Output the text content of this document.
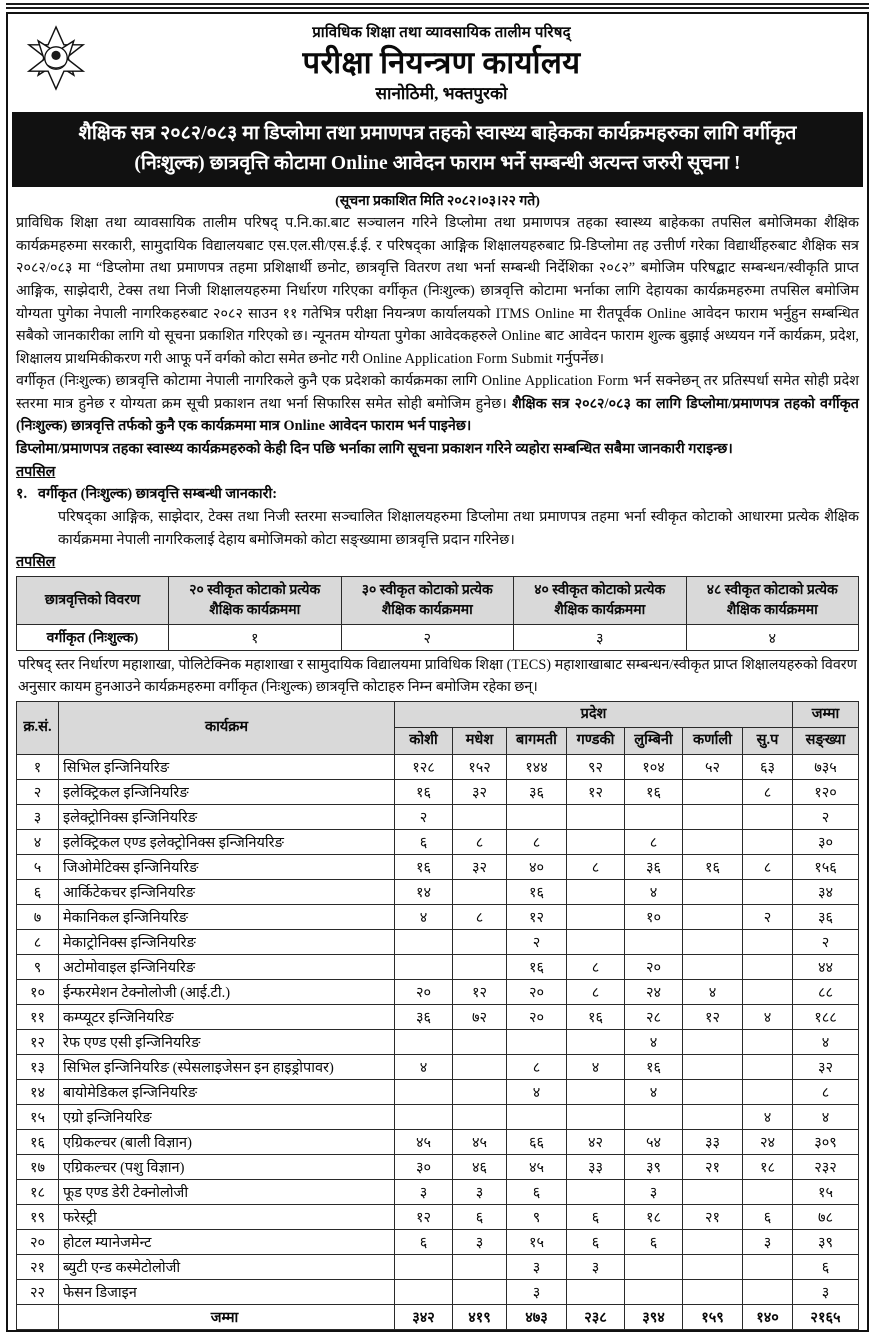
प्राविधिक शिक्षा तथा व्यावसायिक तालीम परिषद्
परीक्षा नियन्त्रण कार्यालय
सानोठिमी, भक्तपुरको
शैक्षिक सत्र २०८२/०८३ मा डिप्लोमा तथा प्रमाणपत्र तहको स्वास्थ्य बाहेकका कार्यक्रमहरुका लागि वर्गीकृत
(निःशुल्क) छात्रवृत्ति कोटामा Online आवेदन फाराम भर्ने सम्बन्धी अत्यन्त जरुरी सूचना !
(सूचना प्रकाशित मिति २०८२।०३।२२ गते)

प्राविधिक शिक्षा तथा व्यावसायिक तालीम परिषद् प.नि.का.बाट सञ्चालन गरिने डिप्लोमा तथा प्रमाणपत्र तहका स्वास्थ्य बाहेकका तपसिल बमोजिमका शैक्षिक कार्यक्रमहरुमा सरकारी, सामुदायिक विद्यालयबाट एस.एल.सी/एस.ई.ई. र परिषद्का आङ्गिक शिक्षालयहरुबाट प्रि-डिप्लोमा तह उत्तीर्ण गरेका विद्यार्थीहरुबाट शैक्षिक सत्र २०८२/०८३ मा “डिप्लोमा तथा प्रमाणपत्र तहमा प्रशिक्षार्थी छनोट, छात्रवृत्ति वितरण तथा भर्ना सम्बन्धी निर्देशिका २०८२” बमोजिम परिषद्बाट सम्बन्धन/स्वीकृति प्राप्त आङ्गिक, साझेदारी, टेक्स तथा निजी शिक्षालयहरुमा निर्धारण गरिएका वर्गीकृत (निःशुल्क) छात्रवृत्ति कोटामा भर्नाका लागि देहायका कार्यक्रमहरुमा तपसिल बमोजिम योग्यता पुगेका नेपाली नागरिकहरुबाट २०८२ साउन ११ गतेभित्र परीक्षा नियन्त्रण कार्यालयको ITMS Online मा रीतपूर्वक Online आवेदन फाराम भर्नुहुन सम्बन्धित सबैको जानकारीका लागि यो सूचना प्रकाशित गरिएको छ। न्यूनतम योग्यता पुगेका आवेदकहरुले Online बाट आवेदन फाराम शुल्क बुझाई अध्ययन गर्ने कार्यक्रम, प्रदेश, शिक्षालय प्राथमिकीकरण गरी आफू पर्ने वर्गको कोटा समेत छनोट गरी Online Application Form Submit गर्नुपर्नेछ।

वर्गीकृत (निःशुल्क) छात्रवृत्ति कोटामा नेपाली नागरिकले कुनै एक प्रदेशको कार्यक्रमका लागि Online Application Form भर्न सक्नेछन् तर प्रतिस्पर्धा समेत सोही प्रदेश स्तरमा मात्र हुनेछ र योग्यता क्रम सूची प्रकाशन तथा भर्ना सिफारिस समेत सोही बमोजिम हुनेछ। शैक्षिक सत्र २०८२/०८३ का लागि डिप्लोमा/प्रमाणपत्र तहको वर्गीकृत (निःशुल्क) छात्रवृत्ति तर्फको कुनै एक कार्यक्रममा मात्र Online आवेदन फाराम भर्न पाइनेछ।

डिप्लोमा/प्रमाणपत्र तहका स्वास्थ्य कार्यक्रमहरुको केही दिन पछि भर्नाका लागि सूचना प्रकाशन गरिने व्यहोरा सम्बन्धित सबैमा जानकारी गराइन्छ।

तपसिल

१. वर्गीकृत (निःशुल्क) छात्रवृत्ति सम्बन्धी जानकारी:

परिषद्का आङ्गिक, साझेदार, टेक्स तथा निजी स्तरमा सञ्चालित शिक्षालयहरुमा डिप्लोमा तथा प्रमाणपत्र तहमा भर्ना स्वीकृत कोटाको आधारमा प्रत्येक शैक्षिक कार्यक्रममा नेपाली नागरिकलाई देहाय बमोजिमको कोटा सङ्ख्यामा छात्रवृत्ति प्रदान गरिनेछ।

तपसिल

छात्रवृत्तिको विवरण	२० स्वीकृत कोटाको प्रत्येक शैक्षिक कार्यक्रममा	३० स्वीकृत कोटाको प्रत्येक शैक्षिक कार्यक्रममा	४० स्वीकृत कोटाको प्रत्येक शैक्षिक कार्यक्रममा	४८ स्वीकृत कोटाको प्रत्येक शैक्षिक कार्यक्रममा
वर्गीकृत (निःशुल्क)	१	२	३	४

परिषद् स्तर निर्धारण महाशाखा, पोलिटेक्निक महाशाखा र सामुदायिक विद्यालयमा प्राविधिक शिक्षा (TECS) महाशाखाबाट सम्बन्धन/स्वीकृत प्राप्त शिक्षालयहरुको विवरण अनुसार कायम हुनआउने कार्यक्रमहरुमा वर्गीकृत (निःशुल्क) छात्रवृत्ति कोटाहरु निम्न बमोजिम रहेका छन्।

क्र.सं.	कार्यक्रम	प्रदेश							जम्मा
		कोशी	मधेश	बागमती	गण्डकी	लुम्बिनी	कर्णाली	सु.प	सङ्ख्या
१	सिभिल इन्जिनियरिङ	१२८	१५२	१४४	९२	१०४	५२	६३	७३५
२	इलेक्ट्रिकल इन्जिनियरिङ	१६	३२	३६	१२	१६		८	१२०
३	इलेक्ट्रोनिक्स इन्जिनियरिङ	२							२
४	इलेक्ट्रिकल एण्ड इलेक्ट्रोनिक्स इन्जिनियरिङ	६	८	८		८			३०
५	जिओमेटिक्स इन्जिनियरिङ	१६	३२	४०	८	३६	१६	८	१५६
६	आर्किटेकचर इन्जिनियरिङ	१४		१६		४			३४
७	मेकानिकल इन्जिनियरिङ	४	८	१२		१०		२	३६
८	मेकाट्रोनिक्स इन्जिनियरिङ			२					२
९	अटोमोवाइल इन्जिनियरिङ			१६	८	२०			४४
१०	ईन्फरमेशन टेक्नोलोजी (आई.टी.)	२०	१२	२०	८	२४	४		८८
११	कम्प्यूटर इन्जिनियरिङ	३६	७२	२०	१६	२८	१२	४	१८८
१२	रेफ एण्ड एसी इन्जिनियरिङ					४			४
१३	सिभिल इन्जिनियरिङ (स्पेसलाइजेसन इन हाइड्रोपावर)	४		८	४	१६			३२
१४	बायोमेडिकल इन्जिनियरिङ			४		४			८
१५	एग्रो इन्जिनियरिङ							४	४
१६	एग्रिकल्चर (बाली विज्ञान)	४५	४५	६६	४२	५४	३३	२४	३०९
१७	एग्रिकल्चर (पशु विज्ञान)	३०	४६	४५	३३	३९	२१	१८	२३२
१८	फूड एण्ड डेरी टेक्नोलोजी	३	३	६		३			१५
१९	फरेस्ट्री	१२	६	९	६	१८	२१	६	७८
२०	होटल म्यानेजमेन्ट	६	३	१५	६	६		३	३९
२१	ब्युटी एन्ड कस्मेटोलोजी			३	३				६
२२	फेसन डिजाइन			३					३
	जम्मा	३४२	४१९	४७३	२३८	३९४	१५९	१४०	२१६५
